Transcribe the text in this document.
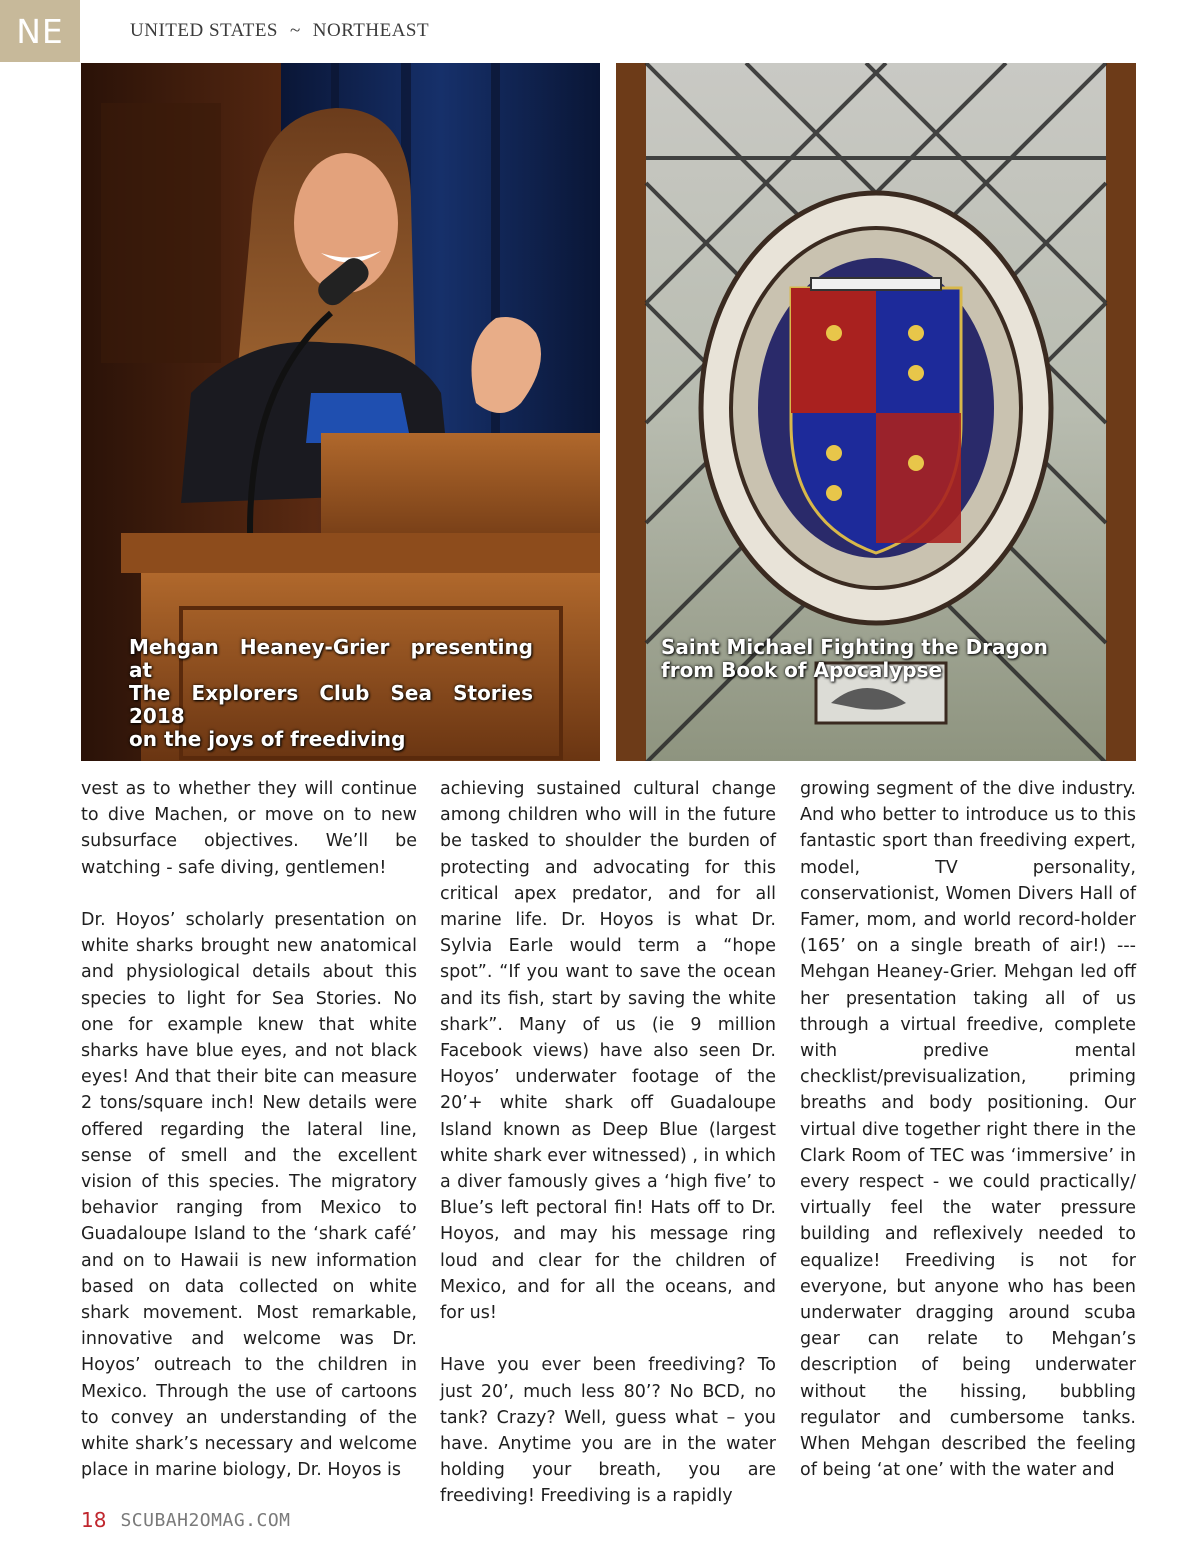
NE	UNITED STATES ~ NORTHEAST
Mehgan Heaney-Grier presenting at
The Explorers Club Sea Stories 2018
on the joys of freediving
Saint Michael Fighting the Dragon
from Book of Apocalypse

vest as to whether they will continue to dive Machen, or move on to new subsurface objectives. We’ll be watching - safe diving, gentlemen!

Dr. Hoyos’ scholarly presentation on white sharks brought new anatomical and physiological details about this species to light for Sea Stories. No one for example knew that white sharks have blue eyes, and not black eyes! And that their bite can measure 2 tons/square inch! New details were offered regarding the lateral line, sense of smell and the excellent vision of this species. The migratory behavior ranging from Mexico to Guadaloupe Island to the ‘shark café’ and on to Hawaii is new information based on data collected on white shark movement. Most remarkable, innovative and welcome was Dr. Hoyos’ outreach to the children in Mexico. Through the use of cartoons to convey an understanding of the white shark’s necessary and welcome place in marine biology, Dr. Hoyos is

achieving sustained cultural change among children who will in the future be tasked to shoulder the burden of protecting and advocating for this critical apex predator, and for all marine life. Dr. Hoyos is what Dr. Sylvia Earle would term a “hope spot”. “If you want to save the ocean and its fish, start by saving the white shark”. Many of us (ie 9 million Facebook views) have also seen Dr. Hoyos’ underwater footage of the 20’+ white shark off Guadaloupe Island known as Deep Blue (largest white shark ever witnessed) , in which a diver famously gives a ‘high five’ to Blue’s left pectoral fin! Hats off to Dr. Hoyos, and may his message ring loud and clear for the children of Mexico, and for all the oceans, and for us!

Have you ever been freediving? To just 20’, much less 80’? No BCD, no tank? Crazy? Well, guess what – you have. Anytime you are in the water holding your breath, you are freediving! Freediving is a rapidly

growing segment of the dive industry. And who better to introduce us to this fantastic sport than freediving expert, model, TV personality, conservationist, Women Divers Hall of Famer, mom, and world record-holder (165’ on a single breath of air!) --- Mehgan Heaney-Grier. Mehgan led off her presentation taking all of us through a virtual freedive, complete with predive mental checklist/previsualization, priming breaths and body positioning. Our virtual dive together right there in the Clark Room of TEC was ‘immersive’ in every respect - we could practically/ virtually feel the water pressure building and reflexively needed to equalize! Freediving is not for everyone, but anyone who has been underwater dragging around scuba gear can relate to Mehgan’s description of being underwater without the hissing, bubbling regulator and cumbersome tanks. When Mehgan described the feeling of being ‘at one’ with the water and

18 SCUBAH2OMAG.COM
